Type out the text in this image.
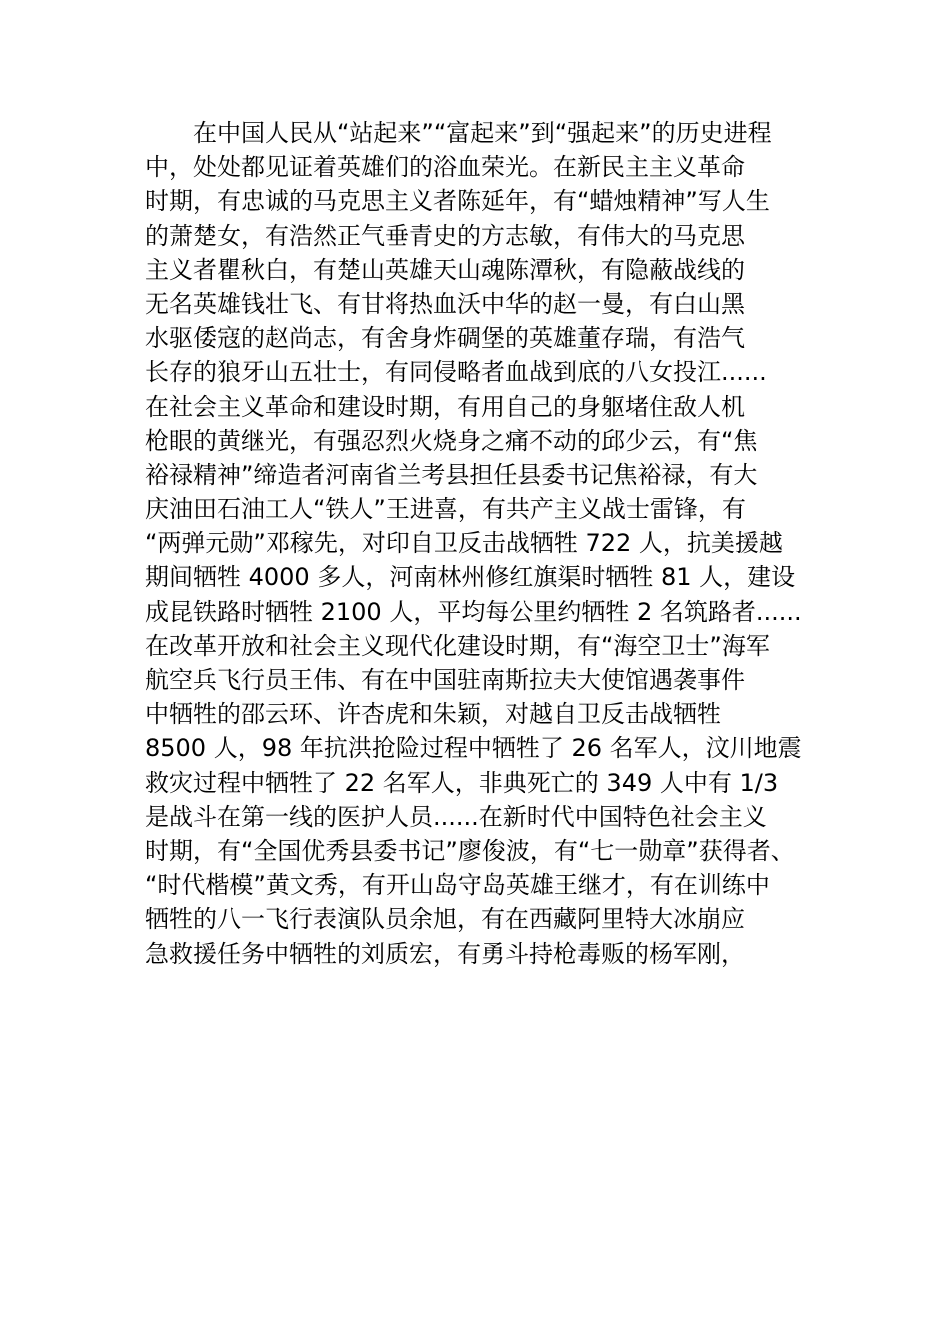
　　在中国人民从“站起来”“富起来”到“强起来”的历史进程
中，处处都见证着英雄们的浴血荣光。在新民主主义革命
时期，有忠诚的马克思主义者陈延年，有“蜡烛精神”写人生
的萧楚女，有浩然正气垂青史的方志敏，有伟大的马克思
主义者瞿秋白，有楚山英雄天山魂陈潭秋，有隐蔽战线的
无名英雄钱壮飞、有甘将热血沃中华的赵一曼，有白山黑
水驱倭寇的赵尚志，有舍身炸碉堡的英雄董存瑞，有浩气
长存的狼牙山五壮士，有同侵略者血战到底的八女投江......
在社会主义革命和建设时期，有用自己的身躯堵住敌人机
枪眼的黄继光，有强忍烈火烧身之痛不动的邱少云，有“焦
裕禄精神”缔造者河南省兰考县担任县委书记焦裕禄，有大
庆油田石油工人“铁人”王进喜，有共产主义战士雷锋，有
“两弹元勋”邓稼先，对印自卫反击战牺牲 722 人，抗美援越
期间牺牲 4000 多人，河南林州修红旗渠时牺牲 81 人，建设
成昆铁路时牺牲 2100 人，平均每公里约牺牲 2 名筑路者......
在改革开放和社会主义现代化建设时期，有“海空卫士”海军
航空兵飞行员王伟、有在中国驻南斯拉夫大使馆遇袭事件
中牺牲的邵云环、许杏虎和朱颖，对越自卫反击战牺牲
8500 人，98 年抗洪抢险过程中牺牲了 26 名军人，汶川地震
救灾过程中牺牲了 22 名军人，非典死亡的 349 人中有 1/3
是战斗在第一线的医护人员......在新时代中国特色社会主义
时期，有“全国优秀县委书记”廖俊波，有“七一勋章”获得者、
“时代楷模”黄文秀，有开山岛守岛英雄王继才，有在训练中
牺牲的八一飞行表演队员余旭，有在西藏阿里特大冰崩应
急救援任务中牺牲的刘质宏，有勇斗持枪毒贩的杨军刚，
